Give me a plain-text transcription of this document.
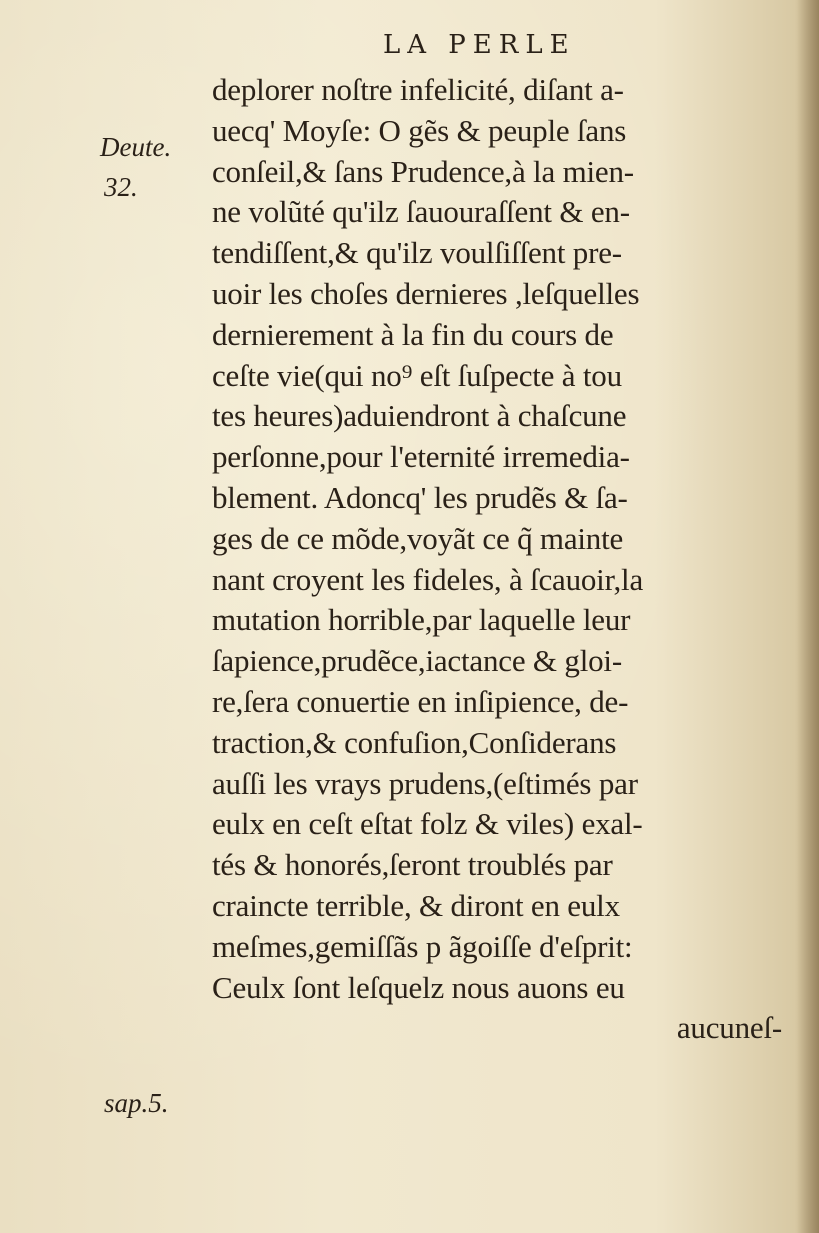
LA PERLE
Deute.
32.
sap.5.
deplorer noſtre infelicité, diſant a-
uecq' Moyſe: O gẽs & peuple ſans
conſeil,& ſans Prudence,à la mien-
ne volũté qu'ilz ſauouraſſent & en-
tendiſſent,& qu'ilz voulſiſſent pre-
uoir les choſes dernieres ,leſquelles
dernierement à la fin du cours de
ceſte vie(qui no⁹ eſt ſuſpecte à tou
tes heures)aduiendront à chaſcune
perſonne,pour l'eternité irremedia-
blement. Adoncq' les prudẽs & ſa-
ges de ce mõde,voyãt ce q̃ mainte
nant croyent les fideles, à ſcauoir,la
mutation horrible,par laquelle leur
ſapience,prudẽce,iactance & gloi-
re,ſera conuertie en inſipience, de-
traction,& confuſion,Conſiderans
auſſi les vrays prudens,(eſtimés par
eulx en ceſt eſtat folz & viles) exal-
tés & honorés,ſeront troublés par
craincte terrible, & diront en eulx
meſmes,gemiſſãs p ãgoiſſe d'eſprit:
Ceulx ſont leſquelz nous auons eu
aucuneſ-
